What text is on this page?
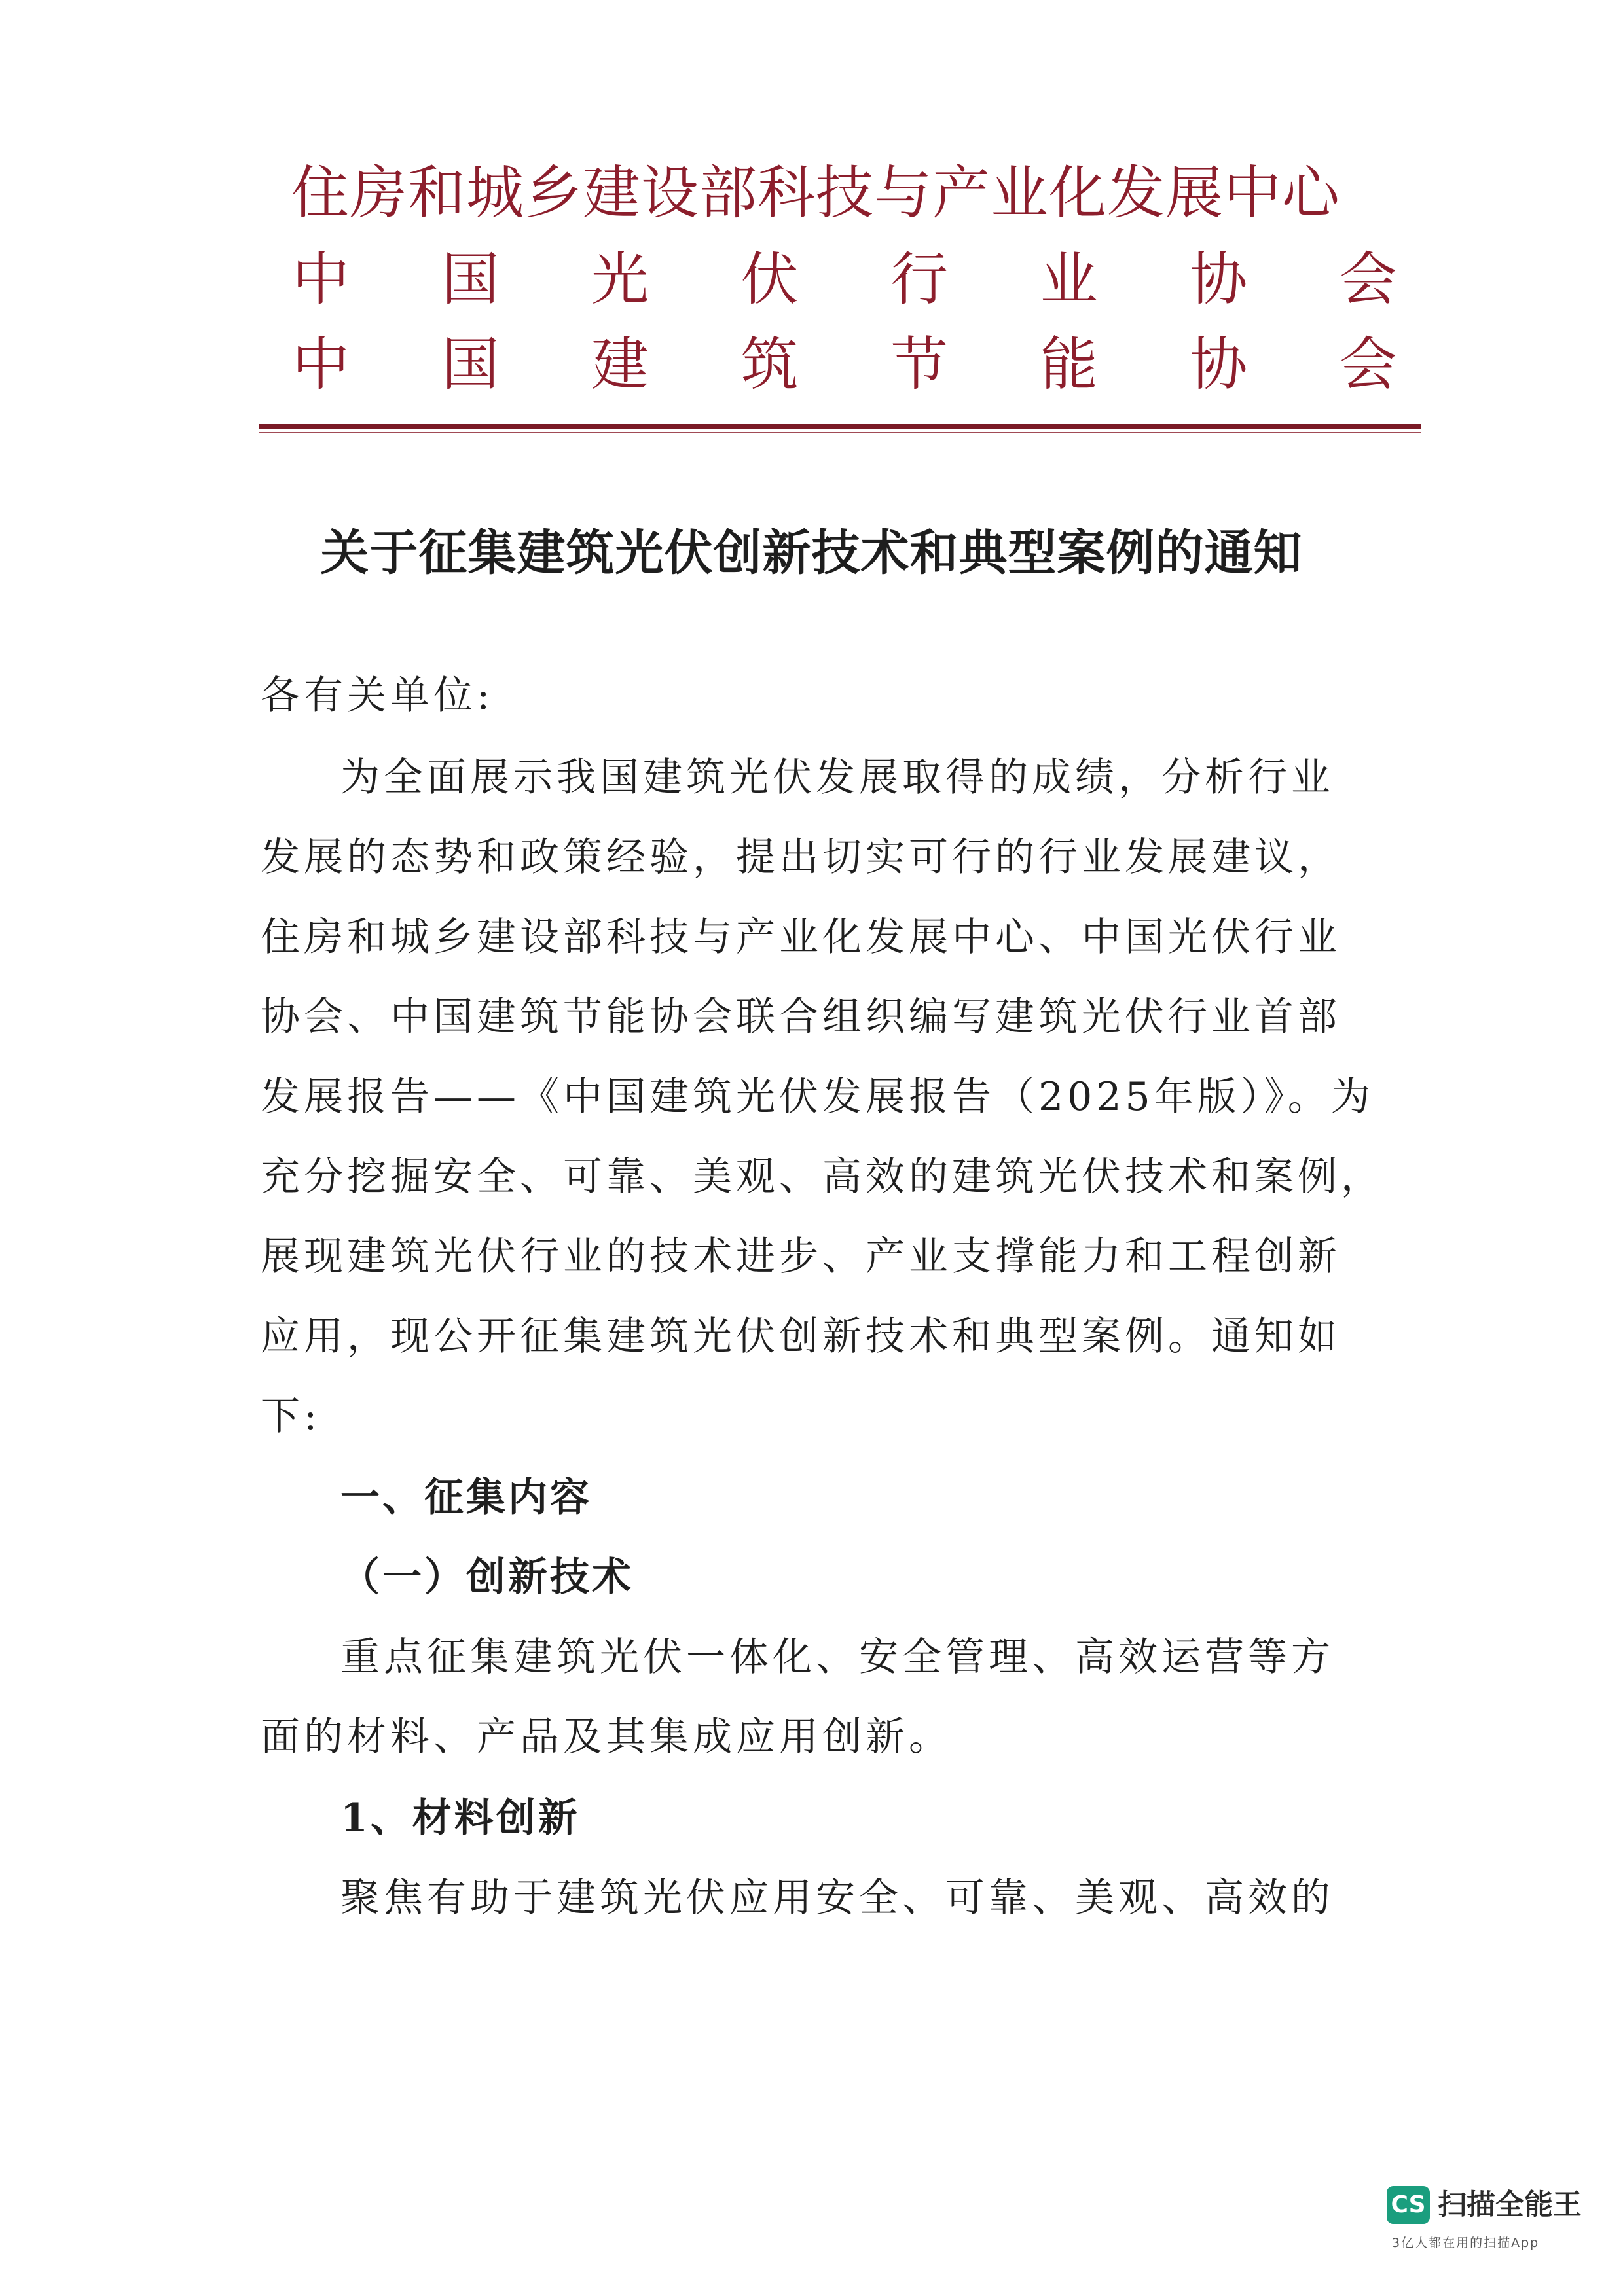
住房和城乡建设部科技与产业化发展中心
中 国 光 伏 行 业 协 会
中 国 建 筑 节 能 协 会
关于征集建筑光伏创新技术和典型案例的通知
各有关单位:
为全面展示我国建筑光伏发展取得的成绩，分析行业
发展的态势和政策经验，提出切实可行的行业发展建议，
住房和城乡建设部科技与产业化发展中心、中国光伏行业
协会、中国建筑节能协会联合组织编写建筑光伏行业首部
发展报告——《中国建筑光伏发展报告（2025年版）》。为
充分挖掘安全、可靠、美观、高效的建筑光伏技术和案例，
展现建筑光伏行业的技术进步、产业支撑能力和工程创新
应用，现公开征集建筑光伏创新技术和典型案例。通知如
下:
一、征集内容
（一）创新技术
重点征集建筑光伏一体化、安全管理、高效运营等方
面的材料、产品及其集成应用创新。
1、材料创新
聚焦有助于建筑光伏应用安全、可靠、美观、高效的
CS 扫描全能王
3亿人都在用的扫描App
